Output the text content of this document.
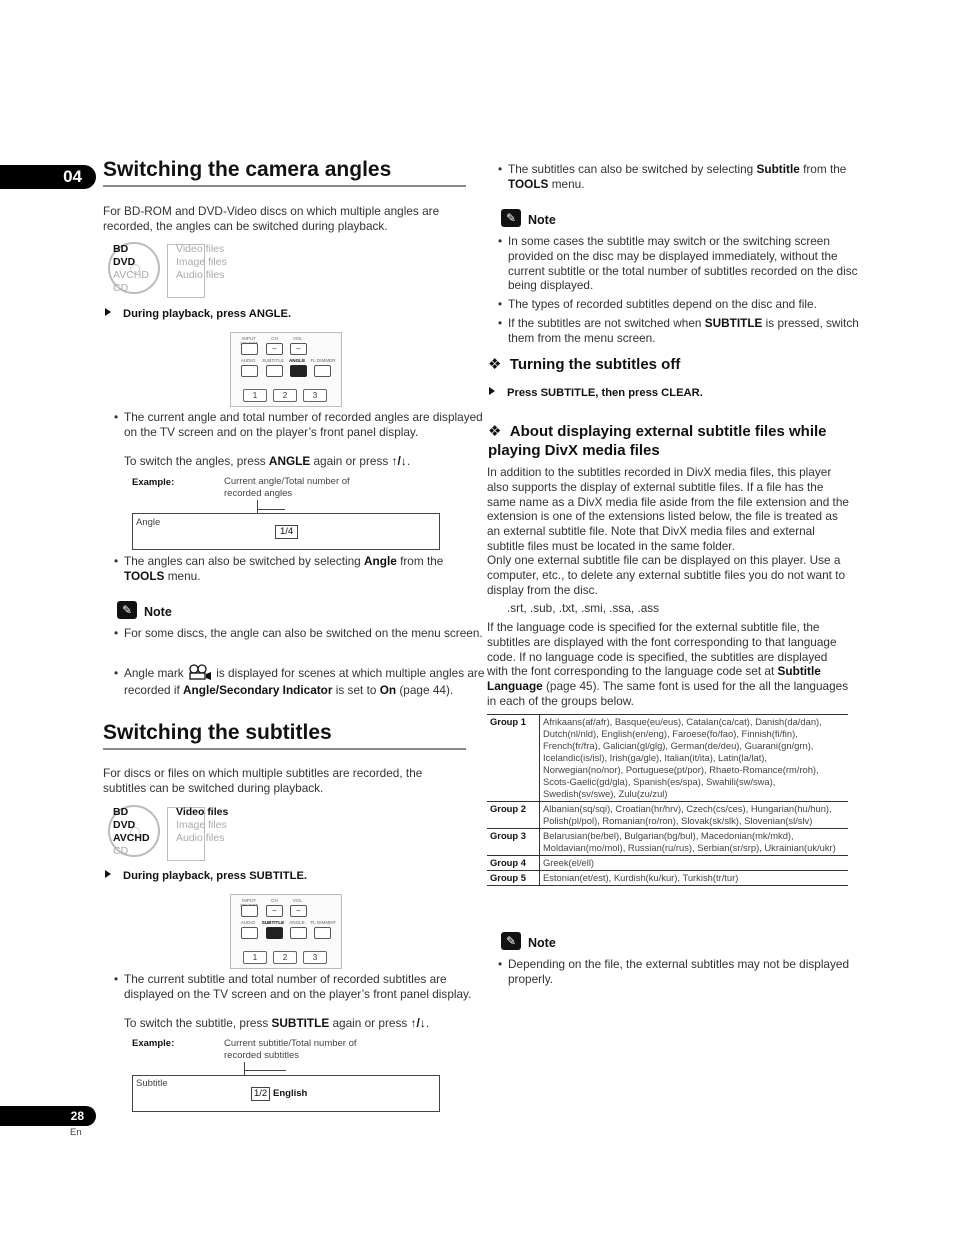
04	Switching the camera angles
For BD-ROM and DVD-Video discs on which multiple angles are recorded, the angles can be switched during playback.
BD
DVD
AVCHD
CD
Video files
Image files
Audio files
During playback, press ANGLE.
INPUT	CH	VOL
–	–
AUDIO	SUBTITLE	ANGLE	FL DIMMER
1	2	3
• The current angle and total number of recorded angles are displayed on the TV screen and on the player’s front panel display.
To switch the angles, press ANGLE again or press ↑/↓.
Example:	Current angle/Total number of recorded angles
Angle
1/4
• The angles can also be switched by selecting Angle from the TOOLS menu.
✎ Note
• For some discs, the angle can also be switched on the menu screen.
• Angle mark	is displayed for scenes at which multiple angles are recorded if Angle/Secondary Indicator is set to On (page 44).
Switching the subtitles
For discs or files on which multiple subtitles are recorded, the subtitles can be switched during playback.
BD
DVD
AVCHD
CD
Video files
Image files
Audio files
During playback, press SUBTITLE.
INPUT	CH	VOL
–	–
AUDIO	SUBTITLE	ANGLE	FL DIMMER
1	2	3
• The current subtitle and total number of recorded subtitles are displayed on the TV screen and on the player’s front panel display.
To switch the subtitle, press SUBTITLE again or press ↑/↓.
Example:	Current subtitle/Total number of recorded subtitles
Subtitle
1/2 English
• The subtitles can also be switched by selecting Subtitle from the TOOLS menu.
✎ Note
• In some cases the subtitle may switch or the switching screen provided on the disc may be displayed immediately, without the current subtitle or the total number of subtitles recorded on the disc being displayed.
• The types of recorded subtitles depend on the disc and file.
• If the subtitles are not switched when SUBTITLE is pressed, switch them from the menu screen.
❖ Turning the subtitles off
Press SUBTITLE, then press CLEAR.
❖ About displaying external subtitle files while playing DivX media files
In addition to the subtitles recorded in DivX media files, this player also supports the display of external subtitle files. If a file has the same name as a DivX media file aside from the file extension and the extension is one of the extensions listed below, the file is treated as an external subtitle file. Note that DivX media files and external subtitle files must be located in the same folder.
Only one external subtitle file can be displayed on this player. Use a computer, etc., to delete any external subtitle files you do not want to display from the disc.
.srt, .sub, .txt, .smi, .ssa, .ass
If the language code is specified for the external subtitle file, the subtitles are displayed with the font corresponding to that language code. If no language code is specified, the subtitles are displayed with the font corresponding to the language code set at Subtitle Language (page 45). The same font is used for the all the languages in each of the groups below.
Group 1	Afrikaans(af/afr), Basque(eu/eus), Catalan(ca/cat), Danish(da/dan), Dutch(nl/nld), English(en/eng), Faroese(fo/fao), Finnish(fi/fin), French(fr/fra), Galician(gl/glg), German(de/deu), Guarani(gn/grn), Icelandic(is/isl), Irish(ga/gle), Italian(it/ita), Latin(la/lat), Norwegian(no/nor), Portuguese(pt/por), Rhaeto-Romance(rm/roh), Scots-Gaelic(gd/gla), Spanish(es/spa), Swahili(sw/swa), Swedish(sv/swe), Zulu(zu/zul)
Group 2	Albanian(sq/sqi), Croatian(hr/hrv), Czech(cs/ces), Hungarian(hu/hun), Polish(pl/pol), Romanian(ro/ron), Slovak(sk/slk), Slovenian(sl/slv)
Group 3	Belarusian(be/bel), Bulgarian(bg/bul), Macedonian(mk/mkd), Moldavian(mo/mol), Russian(ru/rus), Serbian(sr/srp), Ukrainian(uk/ukr)
Group 4	Greek(el/ell)
Group 5	Estonian(et/est), Kurdish(ku/kur), Turkish(tr/tur)
✎ Note
• Depending on the file, the external subtitles may not be displayed properly.
28
En
